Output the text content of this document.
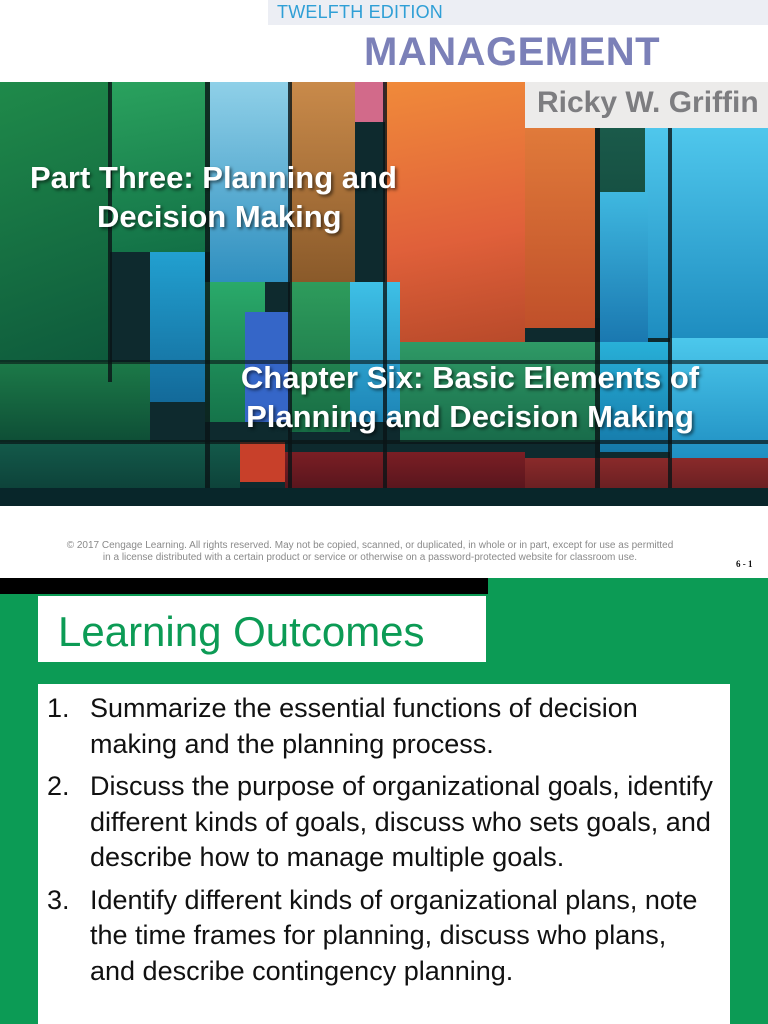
TWELFTH EDITION
MANAGEMENT
Ricky W. Griffin
Part Three: Planning and
Decision Making
Chapter Six: Basic Elements of
Planning and Decision Making
© 2017 Cengage Learning. All rights reserved. May not be copied, scanned, or duplicated, in whole or in part, except for use as permitted
in a license distributed with a certain product or service or otherwise on a password-protected website for classroom use.
6 - 1
Learning Outcomes
1. Summarize the essential functions of decision making and the planning process.
2. Discuss the purpose of organizational goals, identify different kinds of goals, discuss who sets goals, and describe how to manage multiple goals.
3. Identify different kinds of organizational plans, note the time frames for planning, discuss who plans, and describe contingency planning.
